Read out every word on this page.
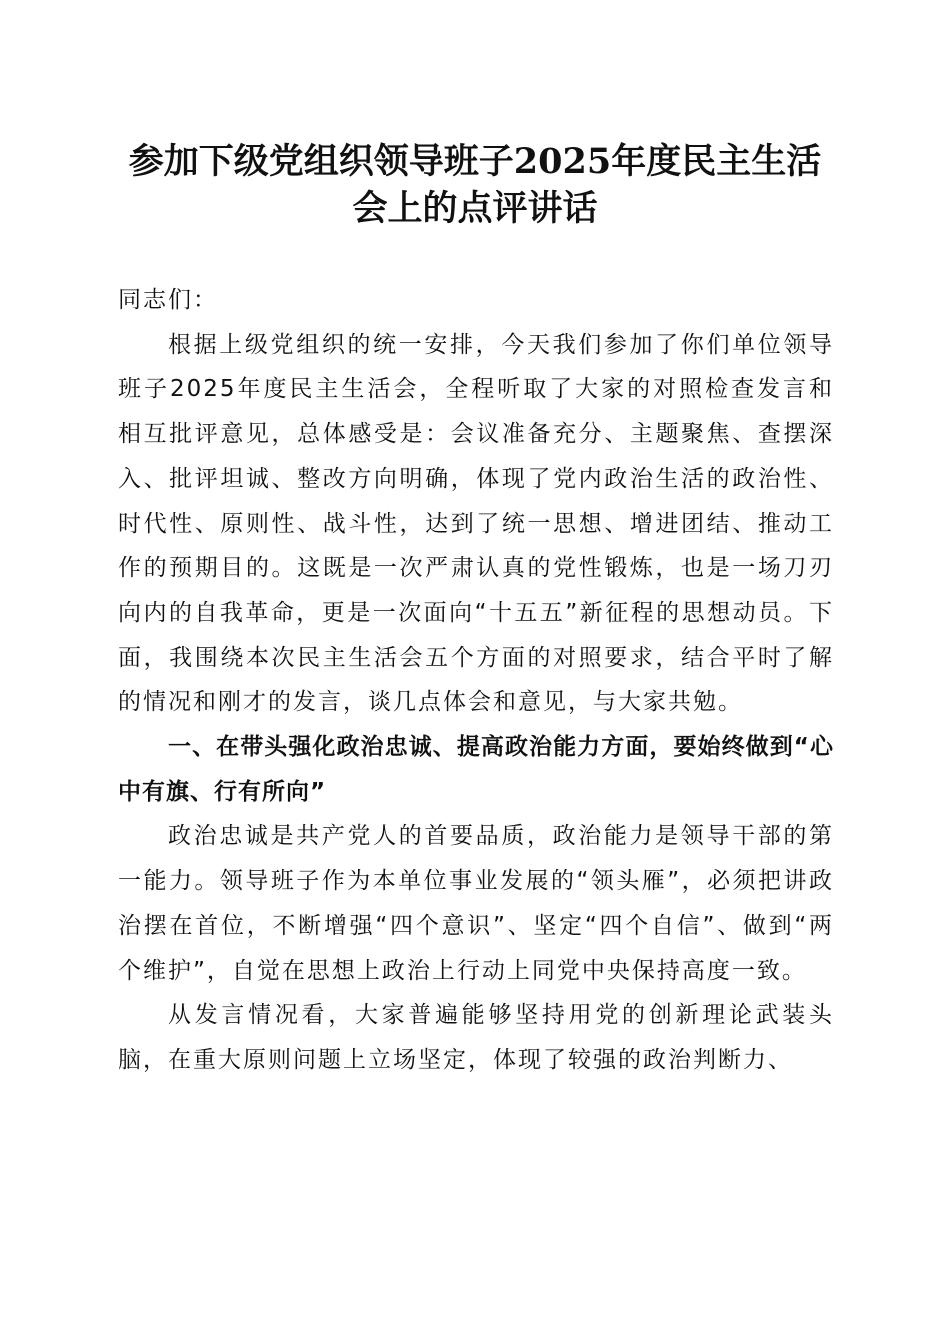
参加下级党组织领导班子2025年度民主生活
会上的点评讲话

同志们：

根据上级党组织的统一安排，今天我们参加了你们单位领导班子2025年度民主生活会，全程听取了大家的对照检查发言和相互批评意见，总体感受是：会议准备充分、主题聚焦、查摆深入、批评坦诚、整改方向明确，体现了党内政治生活的政治性、时代性、原则性、战斗性，达到了统一思想、增进团结、推动工作的预期目的。这既是一次严肃认真的党性锻炼，也是一场刀刃向内的自我革命，更是一次面向“十五五”新征程的思想动员。下面，我围绕本次民主生活会五个方面的对照要求，结合平时了解的情况和刚才的发言，谈几点体会和意见，与大家共勉。

一、在带头强化政治忠诚、提高政治能力方面，要始终做到“心中有旗、行有所向”

政治忠诚是共产党人的首要品质，政治能力是领导干部的第一能力。领导班子作为本单位事业发展的“领头雁”，必须把讲政治摆在首位，不断增强“四个意识”、坚定“四个自信”、做到“两个维护”，自觉在思想上政治上行动上同党中央保持高度一致。

从发言情况看，大家普遍能够坚持用党的创新理论武装头脑，在重大原则问题上立场坚定，体现了较强的政治判断力、
